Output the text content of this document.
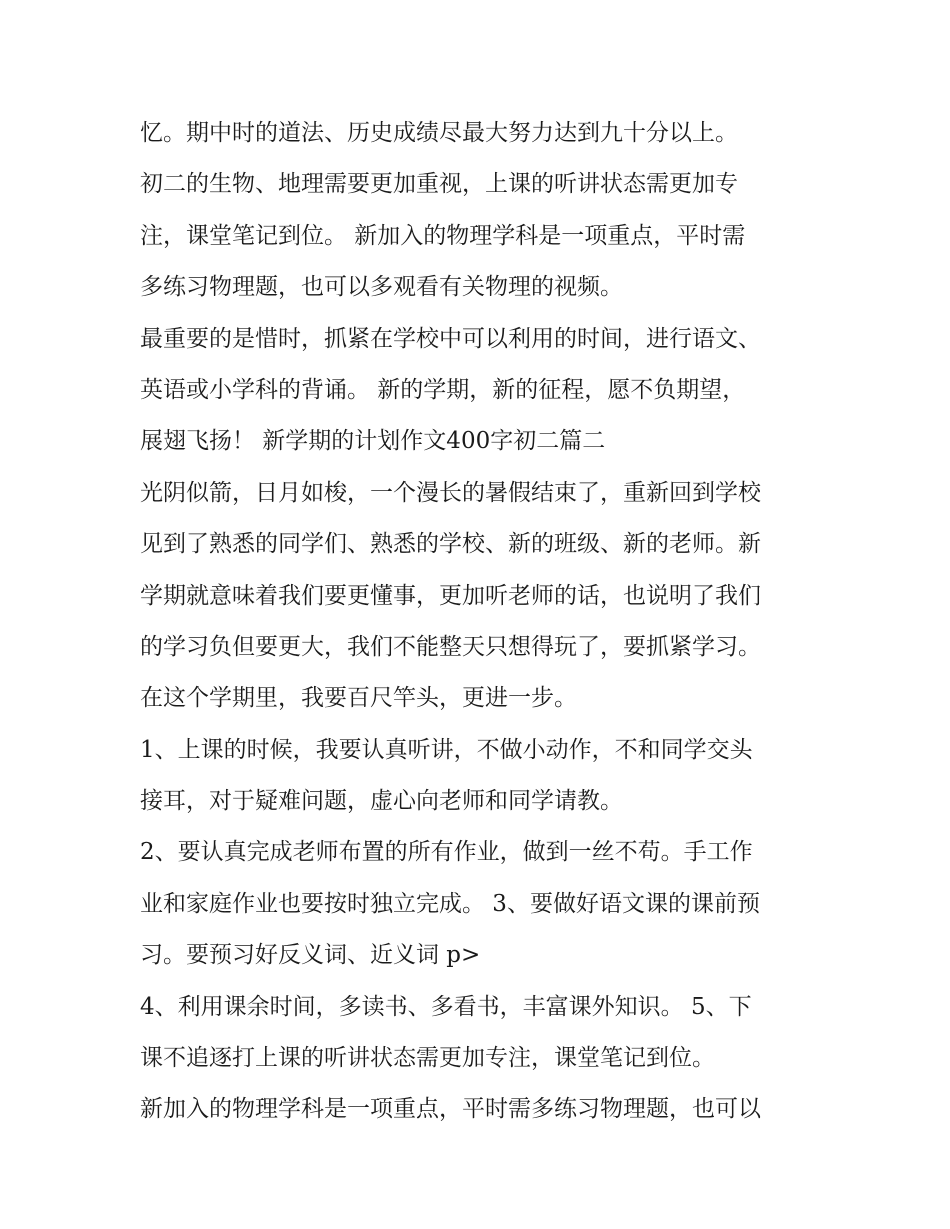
忆。期中时的道法、历史成绩尽最大努力达到九十分以上。
初二的生物、地理需要更加重视，上课的听讲状态需更加专
注，课堂笔记到位。 新加入的物理学科是一项重点，平时需
多练习物理题，也可以多观看有关物理的视频。
最重要的是惜时，抓紧在学校中可以利用的时间，进行语文、
英语或小学科的背诵。 新的学期，新的征程，愿不负期望，
展翅飞扬！ 新学期的计划作文400字初二篇二
光阴似箭，日月如梭，一个漫长的暑假结束了，重新回到学校
见到了熟悉的同学们、熟悉的学校、新的班级、新的老师。新
学期就意味着我们要更懂事，更加听老师的话，也说明了我们
的学习负但要更大，我们不能整天只想得玩了，要抓紧学习。
在这个学期里，我要百尺竿头，更进一步。
1、上课的时候，我要认真听讲，不做小动作，不和同学交头
接耳，对于疑难问题，虚心向老师和同学请教。
2、要认真完成老师布置的所有作业，做到一丝不苟。手工作
业和家庭作业也要按时独立完成。 3、要做好语文课的课前预
习。要预习好反义词、近义词 p>
4、利用课余时间，多读书、多看书，丰富课外知识。 5、下
课不追逐打上课的听讲状态需更加专注，课堂笔记到位。
新加入的物理学科是一项重点，平时需多练习物理题，也可以
